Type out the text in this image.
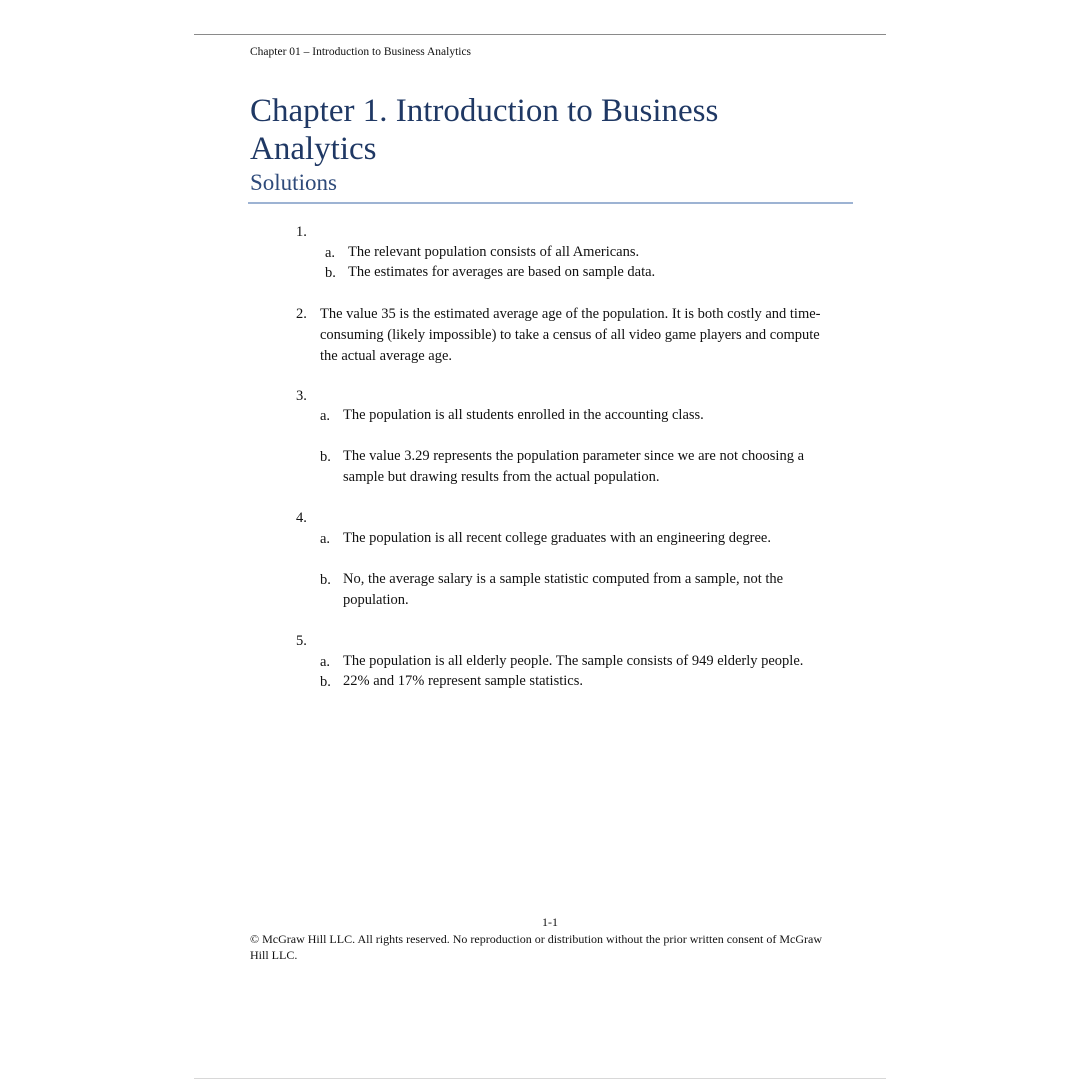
Chapter 01 – Introduction to Business Analytics
Chapter 1. Introduction to Business Analytics
Solutions
1.
a. The relevant population consists of all Americans.
b. The estimates for averages are based on sample data.
2. The value 35 is the estimated average age of the population. It is both costly and time-consuming (likely impossible) to take a census of all video game players and compute the actual average age.
3.
a. The population is all students enrolled in the accounting class.
b. The value 3.29 represents the population parameter since we are not choosing a sample but drawing results from the actual population.
4.
a. The population is all recent college graduates with an engineering degree.
b. No, the average salary is a sample statistic computed from a sample, not the population.
5.
a. The population is all elderly people. The sample consists of 949 elderly people.
b. 22% and 17% represent sample statistics.
1-1
© McGraw Hill LLC. All rights reserved. No reproduction or distribution without the prior written consent of McGraw Hill LLC.
